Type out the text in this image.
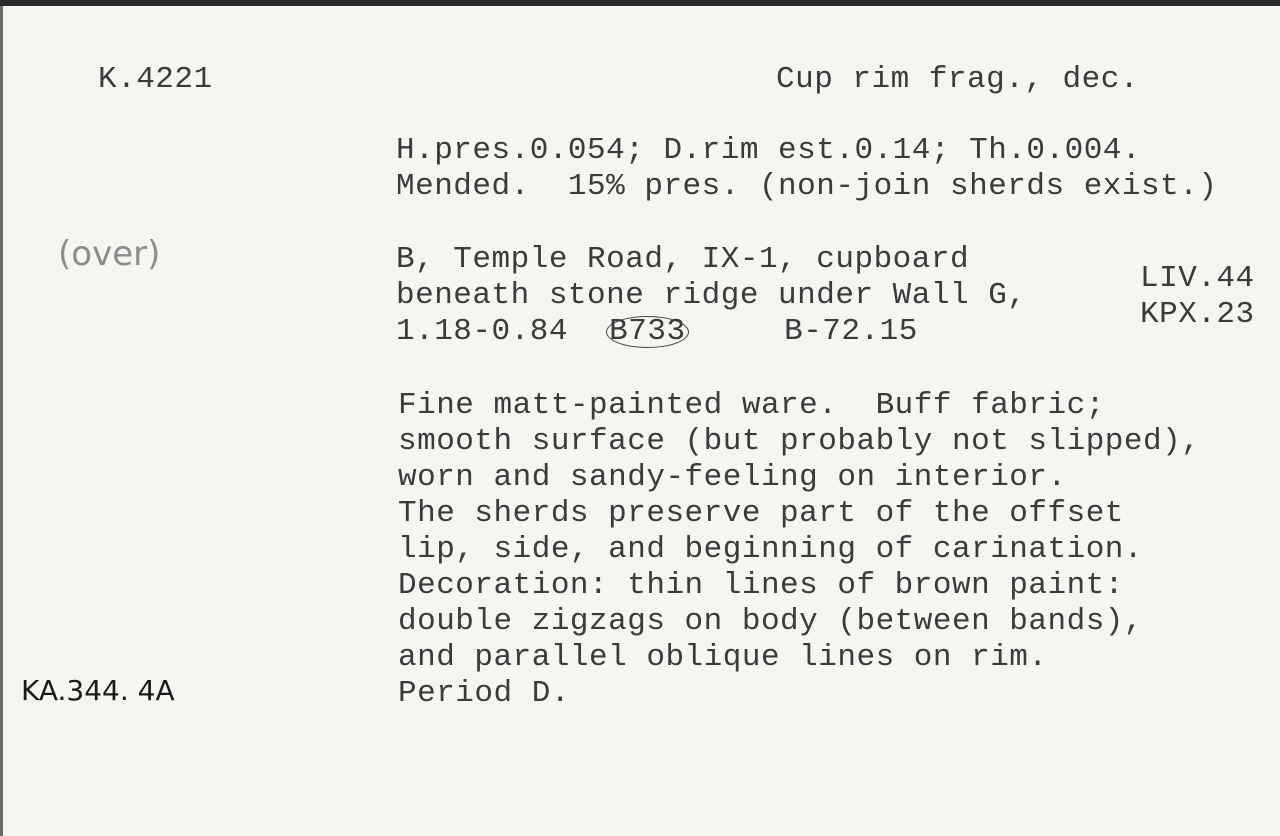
K.4221	Cup rim frag., dec.
H.pres.0.054; D.rim est.0.14; Th.0.004.
Mended.  15% pres. (non-join sherds exist.)
(over)	B, Temple Road, IX-1, cupboard
beneath stone ridge under Wall G,
1.18-0.84 B733	B-72.15
LIV.44
KPX.23
Fine matt-painted ware.  Buff fabric;
smooth surface (but probably not slipped),
worn and sandy-feeling on interior.
The sherds preserve part of the offset
lip, side, and beginning of carination.
Decoration: thin lines of brown paint:
double zigzags on body (between bands),
and parallel oblique lines on rim.
Period D.
KA.344. 4A
